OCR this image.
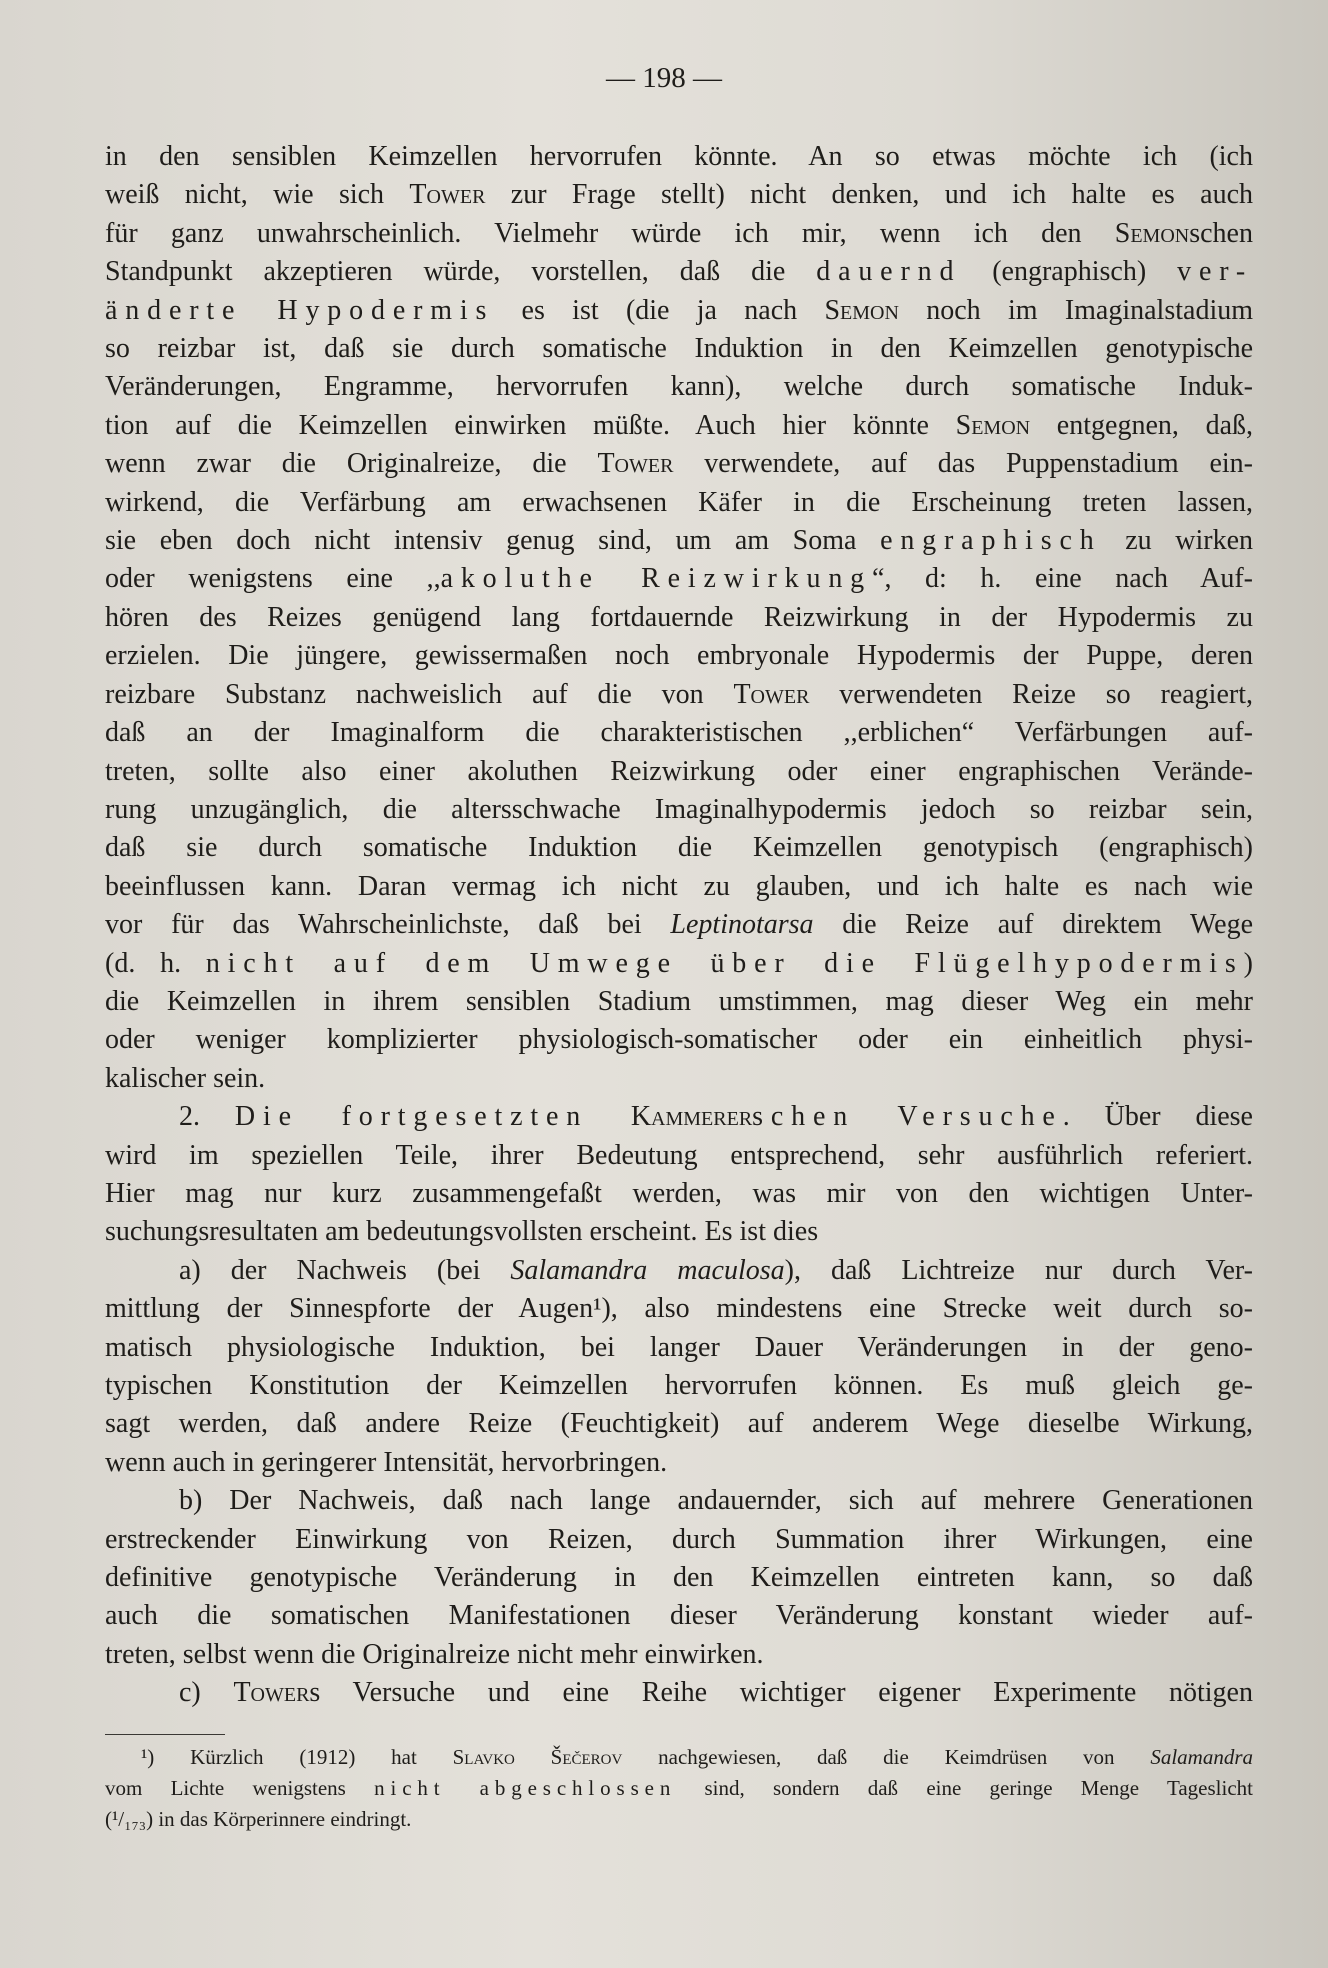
— 198 —
in den sensiblen Keimzellen hervorrufen könnte. An so etwas möchte ich (ich
weiß nicht, wie sich Tower zur Frage stellt) nicht denken, und ich halte es auch
für ganz unwahrscheinlich. Vielmehr würde ich mir, wenn ich den Semonschen
Standpunkt akzeptieren würde, vorstellen, daß die dauernd (engraphisch) ver-
änderte Hypodermis es ist (die ja nach Semon noch im Imaginalstadium
so reizbar ist, daß sie durch somatische Induktion in den Keimzellen genotypische
Veränderungen, Engramme, hervorrufen kann), welche durch somatische Induk-
tion auf die Keimzellen einwirken müßte. Auch hier könnte Semon entgegnen, daß,
wenn zwar die Originalreize, die Tower verwendete, auf das Puppenstadium ein-
wirkend, die Verfärbung am erwachsenen Käfer in die Erscheinung treten lassen,
sie eben doch nicht intensiv genug sind, um am Soma engraphisch zu wirken
oder wenigstens eine ,,akoluthe Reizwirkung“, d: h. eine nach Auf-
hören des Reizes genügend lang fortdauernde Reizwirkung in der Hypodermis zu
erzielen. Die jüngere, gewissermaßen noch embryonale Hypodermis der Puppe, deren
reizbare Substanz nachweislich auf die von Tower verwendeten Reize so reagiert,
daß an der Imaginalform die charakteristischen ,,erblichen“ Verfärbungen auf-
treten, sollte also einer akoluthen Reizwirkung oder einer engraphischen Verände-
rung unzugänglich, die altersschwache Imaginalhypodermis jedoch so reizbar sein,
daß sie durch somatische Induktion die Keimzellen genotypisch (engraphisch)
beeinflussen kann. Daran vermag ich nicht zu glauben, und ich halte es nach wie
vor für das Wahrscheinlichste, daß bei Leptinotarsa die Reize auf direktem Wege
(d. h. nicht auf dem Umwege über die Flügelhypodermis)
die Keimzellen in ihrem sensiblen Stadium umstimmen, mag dieser Weg ein mehr
oder weniger komplizierter physiologisch-somatischer oder ein einheitlich physi-
kalischer sein.
2. Die fortgesetzten Kammererschen Versuche. Über diese
wird im speziellen Teile, ihrer Bedeutung entsprechend, sehr ausführlich referiert.
Hier mag nur kurz zusammengefaßt werden, was mir von den wichtigen Unter-
suchungsresultaten am bedeutungsvollsten erscheint. Es ist dies
a) der Nachweis (bei Salamandra maculosa), daß Lichtreize nur durch Ver-
mittlung der Sinnespforte der Augen¹), also mindestens eine Strecke weit durch so-
matisch physiologische Induktion, bei langer Dauer Veränderungen in der geno-
typischen Konstitution der Keimzellen hervorrufen können. Es muß gleich ge-
sagt werden, daß andere Reize (Feuchtigkeit) auf anderem Wege dieselbe Wirkung,
wenn auch in geringerer Intensität, hervorbringen.
b) Der Nachweis, daß nach lange andauernder, sich auf mehrere Generationen
erstreckender Einwirkung von Reizen, durch Summation ihrer Wirkungen, eine
definitive genotypische Veränderung in den Keimzellen eintreten kann, so daß
auch die somatischen Manifestationen dieser Veränderung konstant wieder auf-
treten, selbst wenn die Originalreize nicht mehr einwirken.
c) Towers Versuche und eine Reihe wichtiger eigener Experimente nötigen
¹) Kürzlich (1912) hat Slavko Šečerov nachgewiesen, daß die Keimdrüsen von Salamandra
vom Lichte wenigstens nicht abgeschlossen sind, sondern daß eine geringe Menge Tageslicht
(¹/₁₇₃) in das Körperinnere eindringt.
